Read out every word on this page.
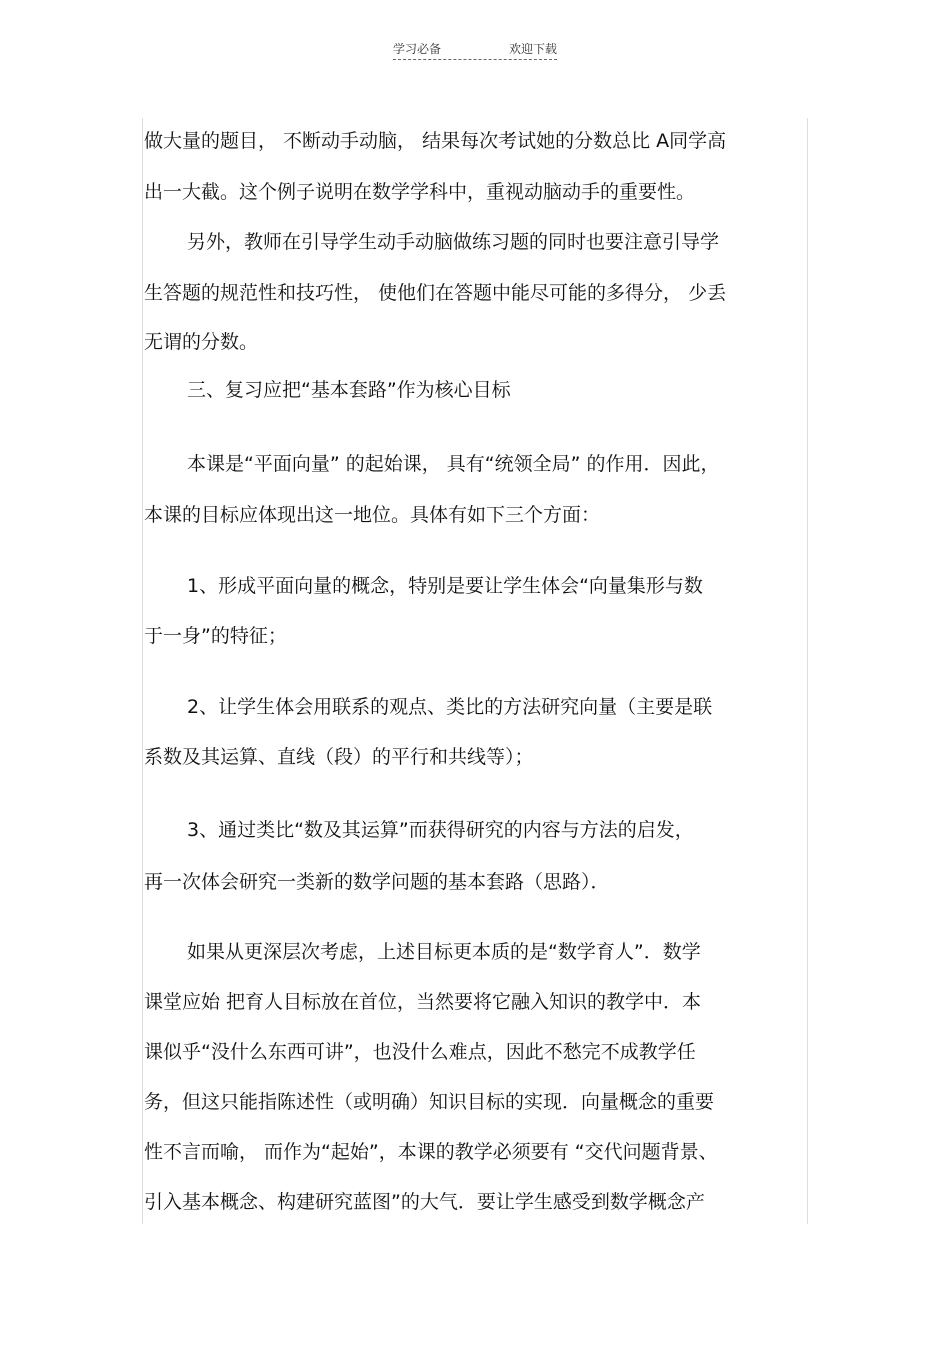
学习必备	欢迎下载
做大量的题目， 不断动手动脑， 结果每次考试她的分数总比 A同学高
出一大截。这个例子说明在数学学科中，重视动脑动手的重要性。
另外，教师在引导学生动手动脑做练习题的同时也要注意引导学
生答题的规范性和技巧性， 使他们在答题中能尽可能的多得分， 少丢
无谓的分数。
三、复习应把“基本套路”作为核心目标
本课是“平面向量” 的起始课， 具有“统领全局” 的作用．因此，
本课的目标应体现出这一地位。具体有如下三个方面：
1、形成平面向量的概念，特别是要让学生体会“向量集形与数
于一身”的特征；
2、让学生体会用联系的观点、类比的方法研究向量（主要是联
系数及其运算、直线（段）的平行和共线等）；
3、通过类比“数及其运算”而获得研究的内容与方法的启发，
再一次体会研究一类新的数学问题的基本套路（思路）．
如果从更深层次考虑，上述目标更本质的是“数学育人”．数学
课堂应始 把育人目标放在首位，当然要将它融入知识的教学中．本
课似乎“没什么东西可讲”，也没什么难点，因此不愁完不成教学任
务，但这只能指陈述性（或明确）知识目标的实现．向量概念的重要
性不言而喻， 而作为“起始”，本课的教学必须要有 “交代问题背景、
引入基本概念、构建研究蓝图”的大气．要让学生感受到数学概念产
